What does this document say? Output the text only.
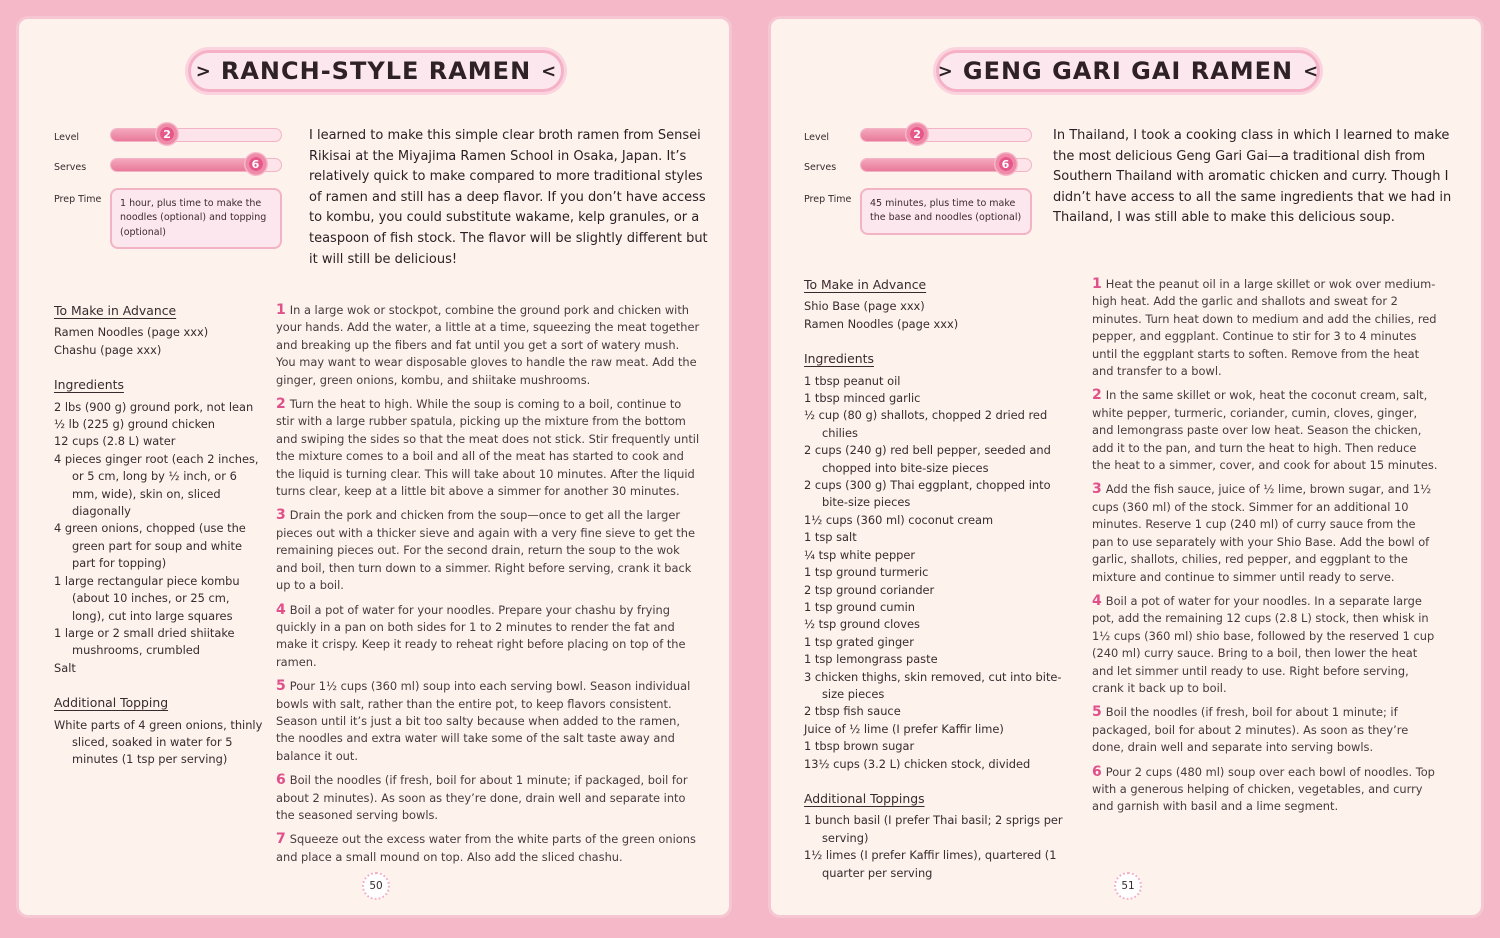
> RANCH-STYLE RAMEN <
Level	2
Serves	6
Prep Time	1 hour, plus time to make the noodles (optional) and topping (optional)

I learned to make this simple clear broth ramen from Sensei Rikisai at the Miyajima Ramen School in Osaka, Japan. It’s relatively quick to make compared to more traditional styles of ramen and still has a deep flavor. If you don’t have access to kombu, you could substitute wakame, kelp granules, or a teaspoon of fish stock. The flavor will be slightly different but it will still be delicious!

To Make in Advance
Ramen Noodles (page xxx)
Chashu (page xxx)
Ingredients
2 lbs (900 g) ground pork, not lean
½ lb (225 g) ground chicken
12 cups (2.8 L) water
4 pieces ginger root (each 2 inches, or 5 cm, long by ½ inch, or 6 mm, wide), skin on, sliced diagonally
4 green onions, chopped (use the green part for soup and white part for topping)
1 large rectangular piece kombu (about 10 inches, or 25 cm, long), cut into large squares
1 large or 2 small dried shiitake mushrooms, crumbled
Salt
Additional Topping
White parts of 4 green onions, thinly sliced, soaked in water for 5 minutes (1 tsp per serving)

1 In a large wok or stockpot, combine the ground pork and chicken with your hands. Add the water, a little at a time, squeezing the meat together and breaking up the fibers and fat until you get a sort of watery mush. You may want to wear disposable gloves to handle the raw meat. Add the ginger, green onions, kombu, and shiitake mushrooms.

2 Turn the heat to high. While the soup is coming to a boil, continue to stir with a large rubber spatula, picking up the mixture from the bottom and swiping the sides so that the meat does not stick. Stir frequently until the mixture comes to a boil and all of the meat has started to cook and the liquid is turning clear. This will take about 10 minutes. After the liquid turns clear, keep at a little bit above a simmer for another 30 minutes.

3 Drain the pork and chicken from the soup—once to get all the larger pieces out with a thicker sieve and again with a very fine sieve to get the remaining pieces out. For the second drain, return the soup to the wok and boil, then turn down to a simmer. Right before serving, crank it back up to a boil.

4 Boil a pot of water for your noodles. Prepare your chashu by frying quickly in a pan on both sides for 1 to 2 minutes to render the fat and make it crispy. Keep it ready to reheat right before placing on top of the ramen.

5 Pour 1½ cups (360 ml) soup into each serving bowl. Season individual bowls with salt, rather than the entire pot, to keep flavors consistent. Season until it’s just a bit too salty because when added to the ramen, the noodles and extra water will take some of the salt taste away and balance it out.

6 Boil the noodles (if fresh, boil for about 1 minute; if packaged, boil for about 2 minutes). As soon as they’re done, drain well and separate into the seasoned serving bowls.

7 Squeeze out the excess water from the white parts of the green onions and place a small mound on top. Also add the sliced chashu.

50
> GENG GARI GAI RAMEN <
Level	2
Serves	6
Prep Time	45 minutes, plus time to make the base and noodles (optional)

In Thailand, I took a cooking class in which I learned to make the most delicious Geng Gari Gai—a traditional dish from Southern Thailand with aromatic chicken and curry. Though I didn’t have access to all the same ingredients that we had in Thailand, I was still able to make this delicious soup.

To Make in Advance
Shio Base (page xxx)
Ramen Noodles (page xxx)
Ingredients
1 tbsp peanut oil
1 tbsp minced garlic
½ cup (80 g) shallots, chopped 2 dried red chilies
2 cups (240 g) red bell pepper, seeded and chopped into bite-size pieces
2 cups (300 g) Thai eggplant, chopped into bite-size pieces
1½ cups (360 ml) coconut cream
1 tsp salt
¼ tsp white pepper
1 tsp ground turmeric
2 tsp ground coriander
1 tsp ground cumin
½ tsp ground cloves
1 tsp grated ginger
1 tsp lemongrass paste
3 chicken thighs, skin removed, cut into bite-size pieces
2 tbsp fish sauce
Juice of ½ lime (I prefer Kaffir lime)
1 tbsp brown sugar
13½ cups (3.2 L) chicken stock, divided
Additional Toppings
1 bunch basil (I prefer Thai basil; 2 sprigs per serving)
1½ limes (I prefer Kaffir limes), quartered (1 quarter per serving

1 Heat the peanut oil in a large skillet or wok over medium-high heat. Add the garlic and shallots and sweat for 2 minutes. Turn heat down to medium and add the chilies, red pepper, and eggplant. Continue to stir for 3 to 4 minutes until the eggplant starts to soften. Remove from the heat and transfer to a bowl.

2 In the same skillet or wok, heat the coconut cream, salt, white pepper, turmeric, coriander, cumin, cloves, ginger, and lemongrass paste over low heat. Season the chicken, add it to the pan, and turn the heat to high. Then reduce the heat to a simmer, cover, and cook for about 15 minutes.

3 Add the fish sauce, juice of ½ lime, brown sugar, and 1½ cups (360 ml) of the stock. Simmer for an additional 10 minutes. Reserve 1 cup (240 ml) of curry sauce from the pan to use separately with your Shio Base. Add the bowl of garlic, shallots, chilies, red pepper, and eggplant to the mixture and continue to simmer until ready to serve.

4 Boil a pot of water for your noodles. In a separate large pot, add the remaining 12 cups (2.8 L) stock, then whisk in 1½ cups (360 ml) shio base, followed by the reserved 1 cup (240 ml) curry sauce. Bring to a boil, then lower the heat and let simmer until ready to use. Right before serving, crank it back up to boil.

5 Boil the noodles (if fresh, boil for about 1 minute; if packaged, boil for about 2 minutes). As soon as they’re done, drain well and separate into serving bowls.

6 Pour 2 cups (480 ml) soup over each bowl of noodles. Top with a generous helping of chicken, vegetables, and curry and garnish with basil and a lime segment.

51
